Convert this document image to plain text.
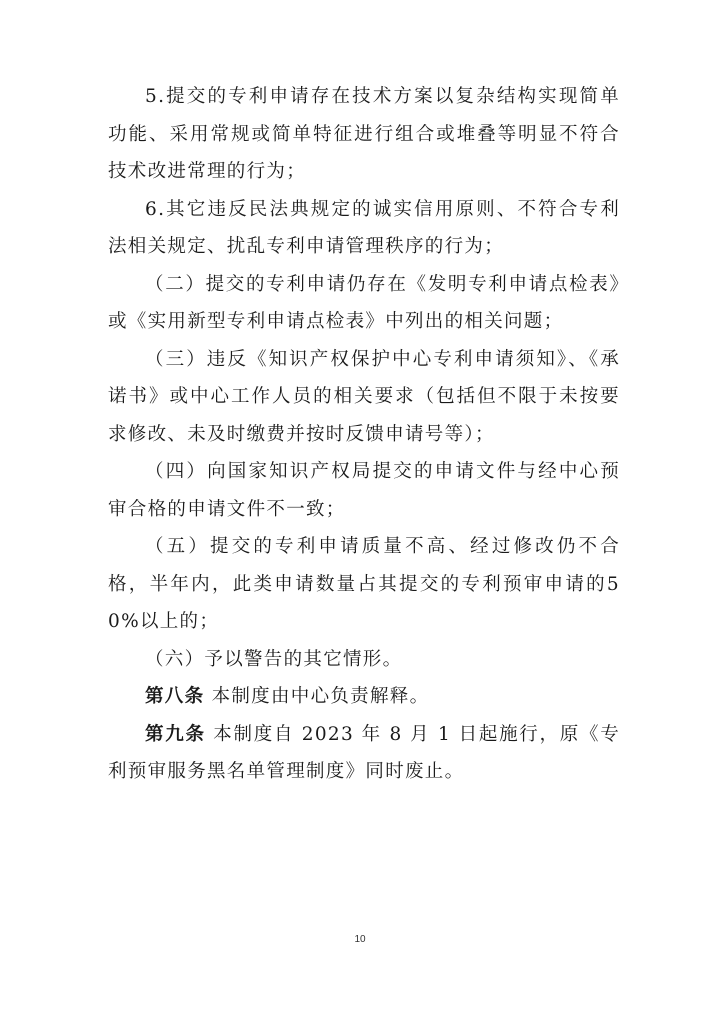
5.提交的专利申请存在技术方案以复杂结构实现简单功能、采用常规或简单特征进行组合或堆叠等明显不符合技术改进常理的行为；

6.其它违反民法典规定的诚实信用原则、不符合专利法相关规定、扰乱专利申请管理秩序的行为；

（二）提交的专利申请仍存在《发明专利申请点检表》或《实用新型专利申请点检表》中列出的相关问题；

（三）违反《知识产权保护中心专利申请须知》、《承诺书》或中心工作人员的相关要求（包括但不限于未按要求修改、未及时缴费并按时反馈申请号等）；

（四）向国家知识产权局提交的申请文件与经中心预审合格的申请文件不一致；

（五）提交的专利申请质量不高、经过修改仍不合格，半年内，此类申请数量占其提交的专利预审申请的50%以上的；

（六）予以警告的其它情形。

第八条 本制度由中心负责解释。

第九条 本制度自 2023 年 8 月 1 日起施行，原《专利预审服务黑名单管理制度》同时废止。

10
